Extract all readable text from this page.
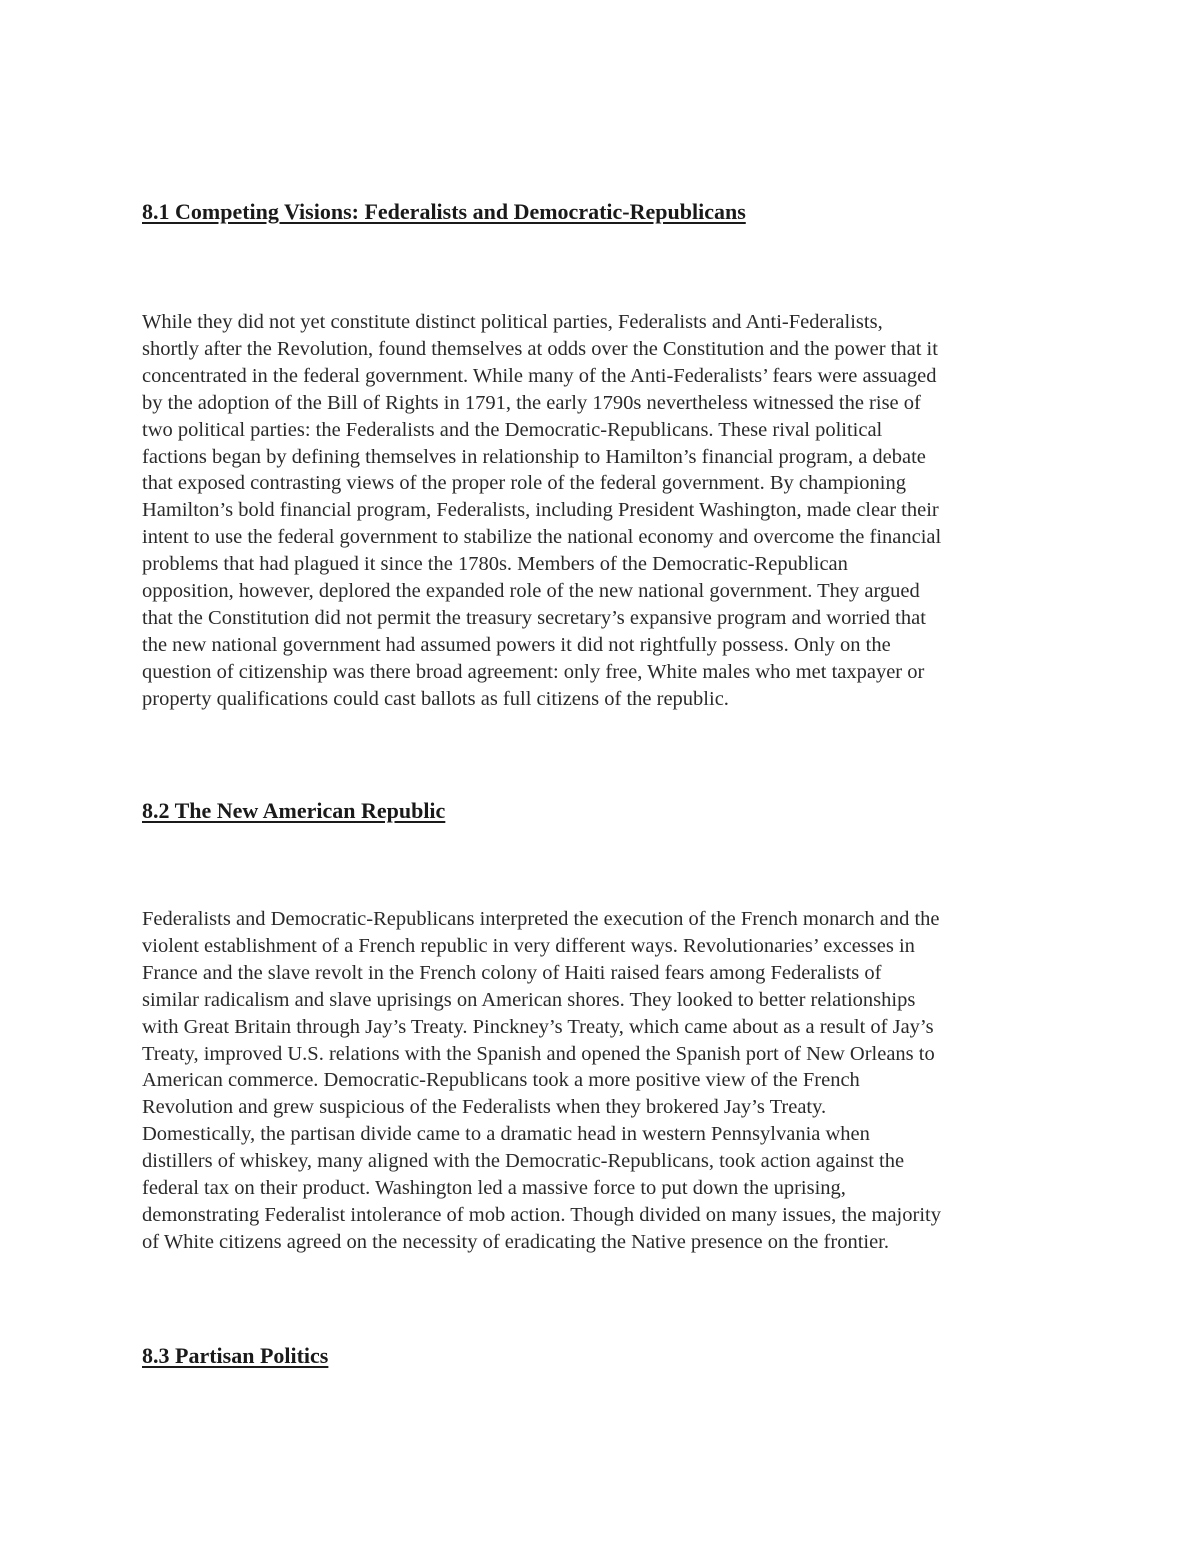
8.1 Competing Visions: Federalists and Democratic-Republicans

While they did not yet constitute distinct political parties, Federalists and Anti-Federalists,
shortly after the Revolution, found themselves at odds over the Constitution and the power that it
concentrated in the federal government. While many of the Anti-Federalists’ fears were assuaged
by the adoption of the Bill of Rights in 1791, the early 1790s nevertheless witnessed the rise of
two political parties: the Federalists and the Democratic-Republicans. These rival political
factions began by defining themselves in relationship to Hamilton’s financial program, a debate
that exposed contrasting views of the proper role of the federal government. By championing
Hamilton’s bold financial program, Federalists, including President Washington, made clear their
intent to use the federal government to stabilize the national economy and overcome the financial
problems that had plagued it since the 1780s. Members of the Democratic-Republican
opposition, however, deplored the expanded role of the new national government. They argued
that the Constitution did not permit the treasury secretary’s expansive program and worried that
the new national government had assumed powers it did not rightfully possess. Only on the
question of citizenship was there broad agreement: only free, White males who met taxpayer or
property qualifications could cast ballots as full citizens of the republic.

8.2 The New American Republic

Federalists and Democratic-Republicans interpreted the execution of the French monarch and the
violent establishment of a French republic in very different ways. Revolutionaries’ excesses in
France and the slave revolt in the French colony of Haiti raised fears among Federalists of
similar radicalism and slave uprisings on American shores. They looked to better relationships
with Great Britain through Jay’s Treaty. Pinckney’s Treaty, which came about as a result of Jay’s
Treaty, improved U.S. relations with the Spanish and opened the Spanish port of New Orleans to
American commerce. Democratic-Republicans took a more positive view of the French
Revolution and grew suspicious of the Federalists when they brokered Jay’s Treaty.
Domestically, the partisan divide came to a dramatic head in western Pennsylvania when
distillers of whiskey, many aligned with the Democratic-Republicans, took action against the
federal tax on their product. Washington led a massive force to put down the uprising,
demonstrating Federalist intolerance of mob action. Though divided on many issues, the majority
of White citizens agreed on the necessity of eradicating the Native presence on the frontier.

8.3 Partisan Politics
